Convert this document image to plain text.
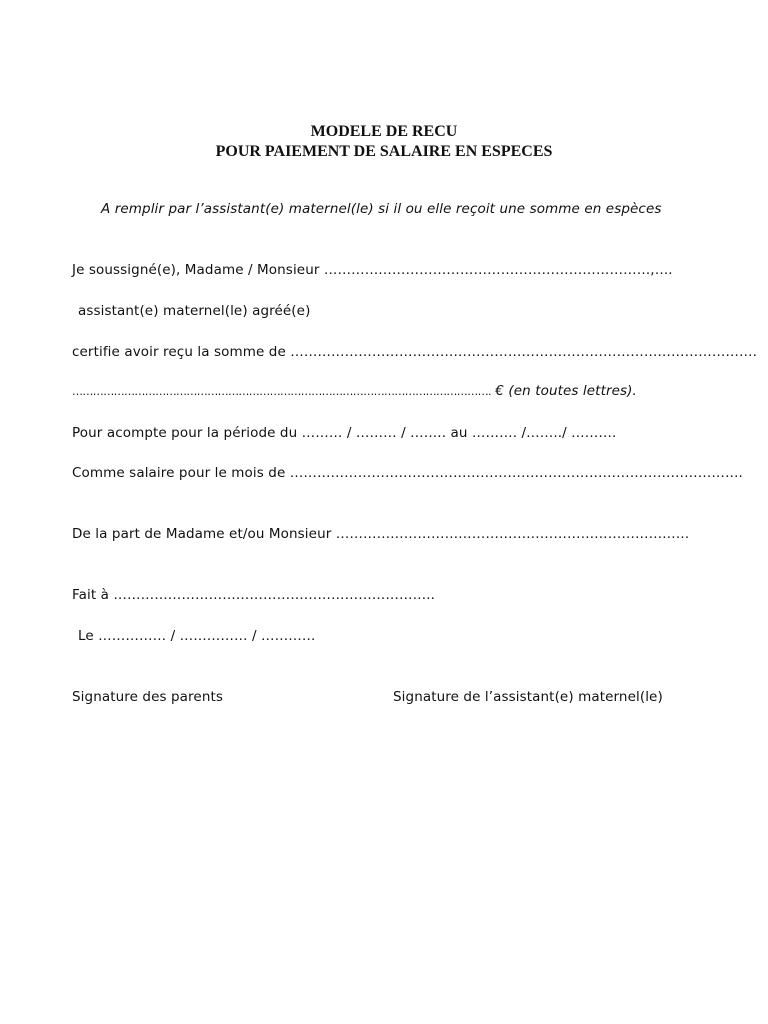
MODELE DE RECU
POUR PAIEMENT DE SALAIRE EN ESPECES
A remplir par l’assistant(e) maternel(le) si il ou elle reçoit une somme en espèces
Je soussigné(e), Madame / Monsieur ………………………………………………………………,….
assistant(e) maternel(le) agréé(e)
certifie avoir reçu la somme de ………………………………………………………………………………………….
…………………………………………………………………………………………………………. € (en toutes lettres).
Pour acompte pour la période du ……… / ……… / …….. au ………. /……../ ……….
Comme salaire pour le mois de ……………………………………………………………………………………….
De la part de Madame et/ou Monsieur ……………………………………………………………………
Fait à ……………………………………………………………..
Le …………… / …………… / …………
Signature des parents	Signature de l’assistant(e) maternel(le)
